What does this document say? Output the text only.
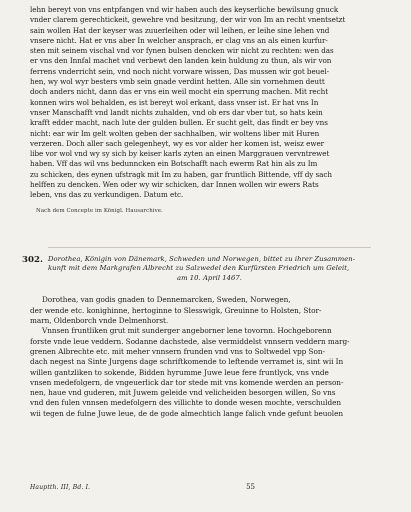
lehn bereyt von vns entpfangen vnd wir haben auch des keyserliche bewilsung gnuck
vnder clarem gerechtickeit, gewehre vnd besitzung, der wir von Im an recht vnentsetzt
sain wollen Hat der keyser was zuuerleihen oder wil leihen, er leihe sine lehen vnd
vnsere nicht. Hat er vns aber In welcher ansprach, er clag vns an als einen kurfur-
sten mit seinem vischal vnd vor fynen bulsen dencken wir nicht zu rechten: wen das
er vns den Innfal machet vnd verbewt den landen kein huldung zu thun, als wir von
ferrens vnderricht sein, vnd noch nicht vorware wissen, Das mussen wir got beuel-
hen, wy wol wyr besters vmb sein gnade verdint hetten. Alle sin vornehmen deutt
doch anders nicht, dann das er vns ein weil mocht ein sperrung machen. Mit recht
konnen wirs wol behalden, es ist bereyt wol erkant, dass vnser ist. Er hat vns In
vnser Manschafft vnd landt nichts zuhalden, vnd ob ers dar vber tut, so hats kein
krafft edder macht, nach lute der gulden bullen. Er sucht gelt, das findt er bey vns
nicht: ear wir Im gelt wolten geben der sachhalben, wir woltens liber mit Huren
verzeren. Doch aller sach gelegenheyt, wy es vor alder her komen ist, weisz ewer
libe vor wol vnd wy sy sich by keiser karls zyten an einen Marggrauen vervntrewet
haben. Vff das wil vns bedunncken ein Botschafft nach ewerm Rat hin als zu Im
zu schicken, des eynen ufstragk mit Im zu haben, gar fruntlich Bittende, vff dy sach
helffen zu dencken. Wen oder wy wir schicken, dar Innen wollen wir ewers Rats
leben, vns das zu verkundigen. Datum etc.
Nach dem Concepte im Königl. Hausarchive.
302. Dorothea, Königin von Dänemark, Schweden und Norwegen, bittet zu ihrer Zusammen-
kunft mit dem Markgrafen Albrecht zu Salzwedel den Kurfürsten Friedrich um Geleit,
am 10. April 1467.
Dorothea, van godis gnaden to Dennemarcken, Sweden, Norwegen,
der wende etc. konighinne, hertoginne to Slesswigk, Greuinne to Holsten, Stor-
marn, Oldenborch vnde Delmenhorst.
Vnnsen fruntliken grut mit sunderger angeborner lene tovornn. Hochgeborenn
forste vnde leue veddern. Sodanne dachstede, alse vermiddelst vnnsern veddern marg-
grenen Albrechte etc. mit meher vnnsern frunden vnd vns to Soltwedel vpp Son-
dach negest na Sinte Jurgens dage schriftkomende to leftende verramet is, sint wii In
willen gantzliken to sokende, Bidden hyrumme Juwe leue fere fruntlyck, vns vnde
vnsen medefolgern, de vngeuerlick dar tor stede mit vns komende werden an person-
nen, haue vnd guderen, mit Juwem geleide vnd velicheiden besorgen willen, So vns
vnd den fulen vnnsen medefolgern des villichte to donde wesen mochte, verschulden
wii tegen de fulne Juwe leue, de de gode almechtich lange falich vnde gefunt beuolen
Hauptth. III, Bd. I.	55
